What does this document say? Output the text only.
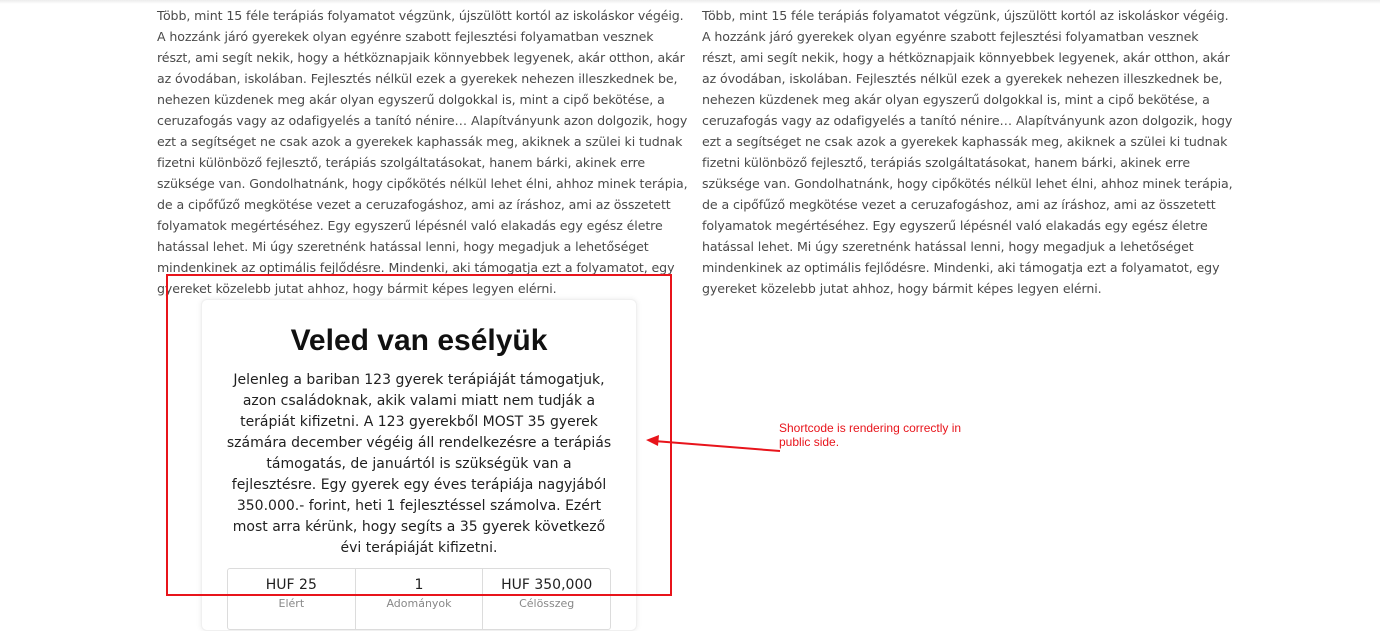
Több, mint 15 féle terápiás folyamatot végzünk, újszülött kortól az iskoláskor végéig. A hozzánk járó gyerekek olyan egyénre szabott fejlesztési folyamatban vesznek részt, ami segít nekik, hogy a hétköznapjaik könnyebbek legyenek, akár otthon, akár az óvodában, iskolában. Fejlesztés nélkül ezek a gyerekek nehezen illeszkednek be, nehezen küzdenek meg akár olyan egyszerű dolgokkal is, mint a cipő bekötése, a ceruzafogás vagy az odafigyelés a tanító nénire… Alapítványunk azon dolgozik, hogy ezt a segítséget ne csak azok a gyerekek kaphassák meg, akiknek a szülei ki tudnak fizetni különböző fejlesztő, terápiás szolgáltatásokat, hanem bárki, akinek erre szüksége van. Gondolhatnánk, hogy cipőkötés nélkül lehet élni, ahhoz minek terápia, de a cipőfűző megkötése vezet a ceruzafogáshoz, ami az íráshoz, ami az összetett folyamatok megértéséhez. Egy egyszerű lépésnél való elakadás egy egész életre hatással lehet. Mi úgy szeretnénk hatással lenni, hogy megadjuk a lehetőséget mindenkinek az optimális fejlődésre. Mindenki, aki támogatja ezt a folyamatot, egy gyereket közelebb jutat ahhoz, hogy bármit képes legyen elérni.

Több, mint 15 féle terápiás folyamatot végzünk, újszülött kortól az iskoláskor végéig. A hozzánk járó gyerekek olyan egyénre szabott fejlesztési folyamatban vesznek részt, ami segít nekik, hogy a hétköznapjaik könnyebbek legyenek, akár otthon, akár az óvodában, iskolában. Fejlesztés nélkül ezek a gyerekek nehezen illeszkednek be, nehezen küzdenek meg akár olyan egyszerű dolgokkal is, mint a cipő bekötése, a ceruzafogás vagy az odafigyelés a tanító nénire… Alapítványunk azon dolgozik, hogy ezt a segítséget ne csak azok a gyerekek kaphassák meg, akiknek a szülei ki tudnak fizetni különböző fejlesztő, terápiás szolgáltatásokat, hanem bárki, akinek erre szüksége van. Gondolhatnánk, hogy cipőkötés nélkül lehet élni, ahhoz minek terápia, de a cipőfűző megkötése vezet a ceruzafogáshoz, ami az íráshoz, ami az összetett folyamatok megértéséhez. Egy egyszerű lépésnél való elakadás egy egész életre hatással lehet. Mi úgy szeretnénk hatással lenni, hogy megadjuk a lehetőséget mindenkinek az optimális fejlődésre. Mindenki, aki támogatja ezt a folyamatot, egy gyereket közelebb jutat ahhoz, hogy bármit képes legyen elérni.

Veled van esélyük

Jelenleg a bariban 123 gyerek terápiáját támogatjuk, azon családoknak, akik valami miatt nem tudják a terápiát kifizetni. A 123 gyerekből MOST 35 gyerek számára december végéig áll rendelkezésre a terápiás támogatás, de januártól is szükségük van a fejlesztésre. Egy gyerek egy éves terápiája nagyjából 350.000.- forint, heti 1 fejlesztéssel számolva. Ezért most arra kérünk, hogy segíts a 35 gyerek következő évi terápiáját kifizetni.

HUF 25
Elért
1
Adományok
HUF 350,000
Célösszeg

Shortcode is rendering correctly in public side.
